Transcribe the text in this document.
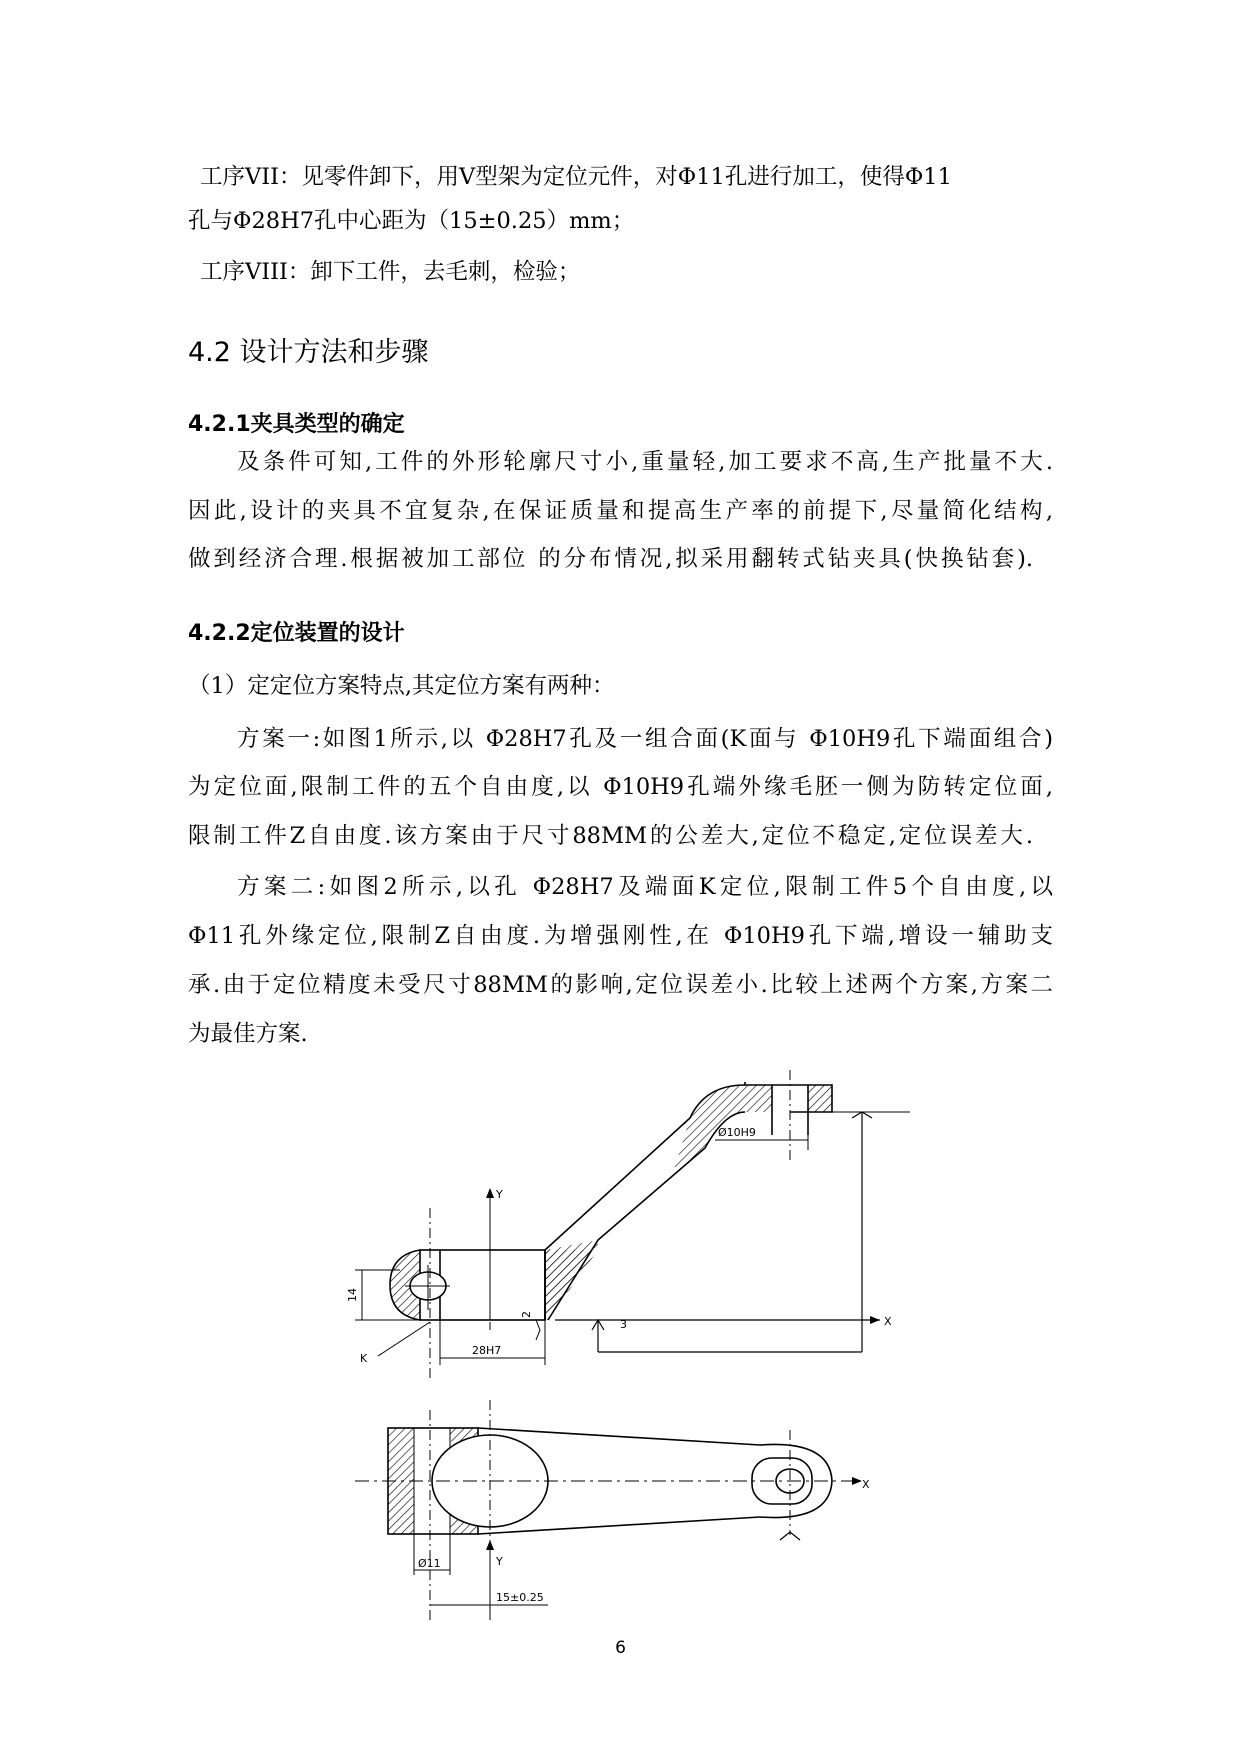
工序VII：见零件卸下，用V型架为定位元件，对Φ11孔进行加工，使得Φ11
孔与Φ28H7孔中心距为（15±0.25）mm；
工序VIII：卸下工件，去毛刺，检验；
4.2 设计方法和步骤
4.2.1夹具类型的确定
及条件可知,工件的外形轮廓尺寸小,重量轻,加工要求不高,生产批量不大.
因此,设计的夹具不宜复杂,在保证质量和提高生产率的前提下,尽量简化结构,
做到经济合理.根据被加工部位 的分布情况,拟采用翻转式钻夹具(快换钻套).
4.2.2定位装置的设计
（1）定定位方案特点,其定位方案有两种：
方案一:如图1所示,以 Φ28H7孔及一组合面(K面与 Φ10H9孔下端面组合)
为定位面,限制工件的五个自由度,以 Φ10H9孔端外缘毛胚一侧为防转定位面,
限制工件Z自由度.该方案由于尺寸88MM的公差大,定位不稳定,定位误差大.
方案二:如图2所示,以孔 Φ28H7及端面K定位,限制工件5个自由度,以
Φ11孔外缘定位,限制Z自由度.为增强刚性,在 Φ10H9孔下端,增设一辅助支
承.由于定位精度未受尺寸88MM的影响,定位误差小.比较上述两个方案,方案二
为最佳方案.
Ø10H9
Y
X
14
2
3
K
28H7
X
Y
Ø11
15±0.25
6
